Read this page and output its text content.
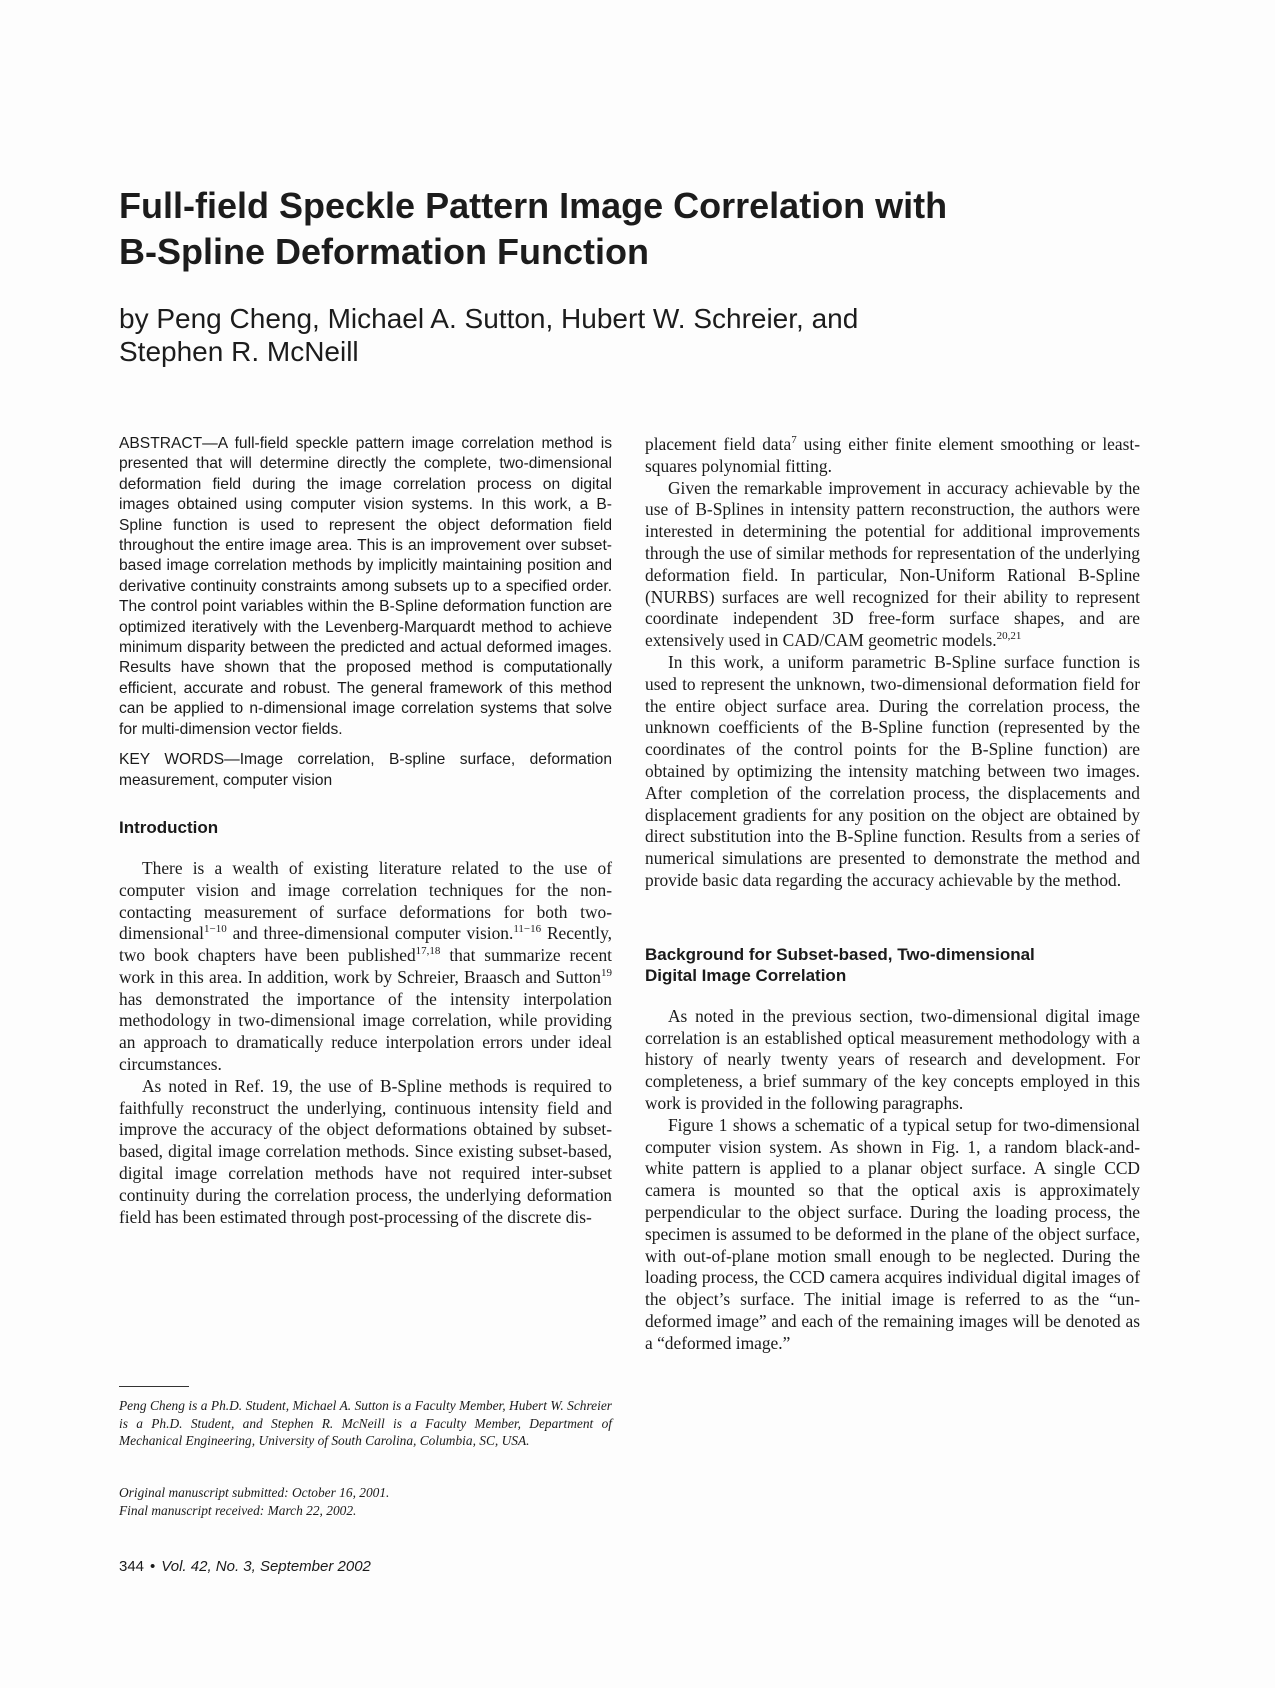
Full-field Speckle Pattern Image Correlation with
B-Spline Deformation Function
by Peng Cheng, Michael A. Sutton, Hubert W. Schreier, and
Stephen R. McNeill

ABSTRACT—A full-field speckle pattern image correlation method is presented that will determine directly the complete, two-dimensional deformation field during the image correlation process on digital images obtained using computer vision systems. In this work, a B-Spline function is used to represent the object deformation field throughout the entire image area. This is an improvement over subset-based image correlation methods by implicitly maintaining position and derivative continuity constraints among subsets up to a specified order. The control point variables within the B-Spline deformation function are optimized iteratively with the Levenberg-Marquardt method to achieve minimum disparity between the predicted and actual deformed images. Results have shown that the proposed method is computationally efficient, accurate and robust. The general framework of this method can be applied to n-dimensional image correlation systems that solve for multi-dimension vector fields.

KEY WORDS—Image correlation, B-spline surface, deformation measurement, computer vision

Introduction

There is a wealth of existing literature related to the use of computer vision and image correlation techniques for the non-contacting measurement of surface deformations for both two-dimensional$^{1-10}$ and three-dimensional computer vision.$^{11-16}$ Recently, two book chapters have been published$^{17,18}$ that summarize recent work in this area. In addition, work by Schreier, Braasch and Sutton$^{19}$ has demonstrated the importance of the intensity interpolation methodology in two-dimensional image correlation, while providing an approach to dramatically reduce interpolation errors under ideal circumstances.

As noted in Ref. 19, the use of B-Spline methods is required to faithfully reconstruct the underlying, continuous intensity field and improve the accuracy of the object deformations obtained by subset-based, digital image correlation methods. Since existing subset-based, digital image correlation methods have not required inter-subset continuity during the correlation process, the underlying deformation field has been estimated through post-processing of the discrete dis-

placement field data$^7$ using either finite element smoothing or least-squares polynomial fitting.

Given the remarkable improvement in accuracy achievable by the use of B-Splines in intensity pattern reconstruction, the authors were interested in determining the potential for additional improvements through the use of similar methods for representation of the underlying deformation field. In particular, Non-Uniform Rational B-Spline (NURBS) surfaces are well recognized for their ability to represent coordinate independent 3D free-form surface shapes, and are extensively used in CAD/CAM geometric models.$^{20,21}$

In this work, a uniform parametric B-Spline surface function is used to represent the unknown, two-dimensional deformation field for the entire object surface area. During the correlation process, the unknown coefficients of the B-Spline function (represented by the coordinates of the control points for the B-Spline function) are obtained by optimizing the intensity matching between two images. After completion of the correlation process, the displacements and displacement gradients for any position on the object are obtained by direct substitution into the B-Spline function. Results from a series of numerical simulations are presented to demonstrate the method and provide basic data regarding the accuracy achievable by the method.

Background for Subset-based, Two-dimensional
Digital Image Correlation

As noted in the previous section, two-dimensional digital image correlation is an established optical measurement methodology with a history of nearly twenty years of research and development. For completeness, a brief summary of the key concepts employed in this work is provided in the following paragraphs.

Figure 1 shows a schematic of a typical setup for two-dimensional computer vision system. As shown in Fig. 1, a random black-and-white pattern is applied to a planar object surface. A single CCD camera is mounted so that the optical axis is approximately perpendicular to the object surface. During the loading process, the specimen is assumed to be deformed in the plane of the object surface, with out-of-plane motion small enough to be neglected. During the loading process, the CCD camera acquires individual digital images of the object’s surface. The initial image is referred to as the “un-deformed image” and each of the remaining images will be denoted as a “deformed image.”

Peng Cheng is a Ph.D. Student, Michael A. Sutton is a Faculty Member, Hubert W. Schreier is a Ph.D. Student, and Stephen R. McNeill is a Faculty Member, Department of Mechanical Engineering, University of South Carolina, Columbia, SC, USA.

Original manuscript submitted: October 16, 2001.
Final manuscript received: March 22, 2002.

344 • Vol. 42, No. 3, September 2002
